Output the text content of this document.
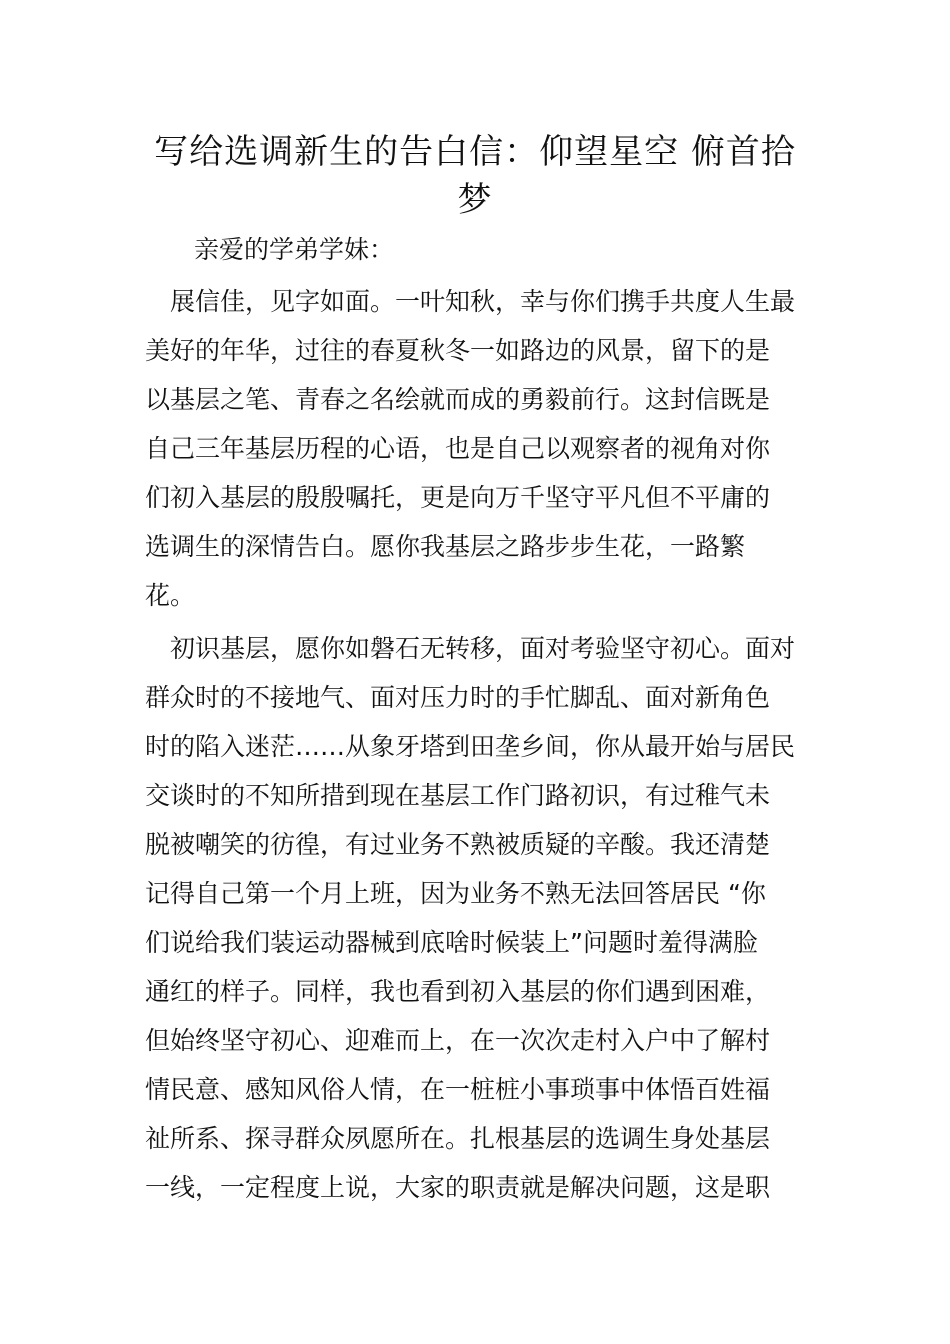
写给选调新生的告白信：仰望星空 俯首拾梦

亲爱的学弟学妹：

展信佳，见字如面。一叶知秋，幸与你们携手共度人生最

美好的年华，过往的春夏秋冬一如路边的风景，留下的是

以基层之笔、青春之名绘就而成的勇毅前行。这封信既是

自己三年基层历程的心语，也是自己以观察者的视角对你

们初入基层的殷殷嘱托，更是向万千坚守平凡但不平庸的

选调生的深情告白。愿你我基层之路步步生花，一路繁

花。

初识基层，愿你如磐石无转移，面对考验坚守初心。面对

群众时的不接地气、面对压力时的手忙脚乱、面对新角色

时的陷入迷茫……从象牙塔到田垄乡间，你从最开始与居民

交谈时的不知所措到现在基层工作门路初识，有过稚气未

脱被嘲笑的彷徨，有过业务不熟被质疑的辛酸。我还清楚

记得自己第一个月上班，因为业务不熟无法回答居民 “你

们说给我们装运动器械到底啥时候装上”问题时羞得满脸

通红的样子。同样，我也看到初入基层的你们遇到困难，

但始终坚守初心、迎难而上，在一次次走村入户中了解村

情民意、感知风俗人情，在一桩桩小事琐事中体悟百姓福

祉所系、探寻群众夙愿所在。扎根基层的选调生身处基层

一线，一定程度上说，大家的职责就是解决问题，这是职
